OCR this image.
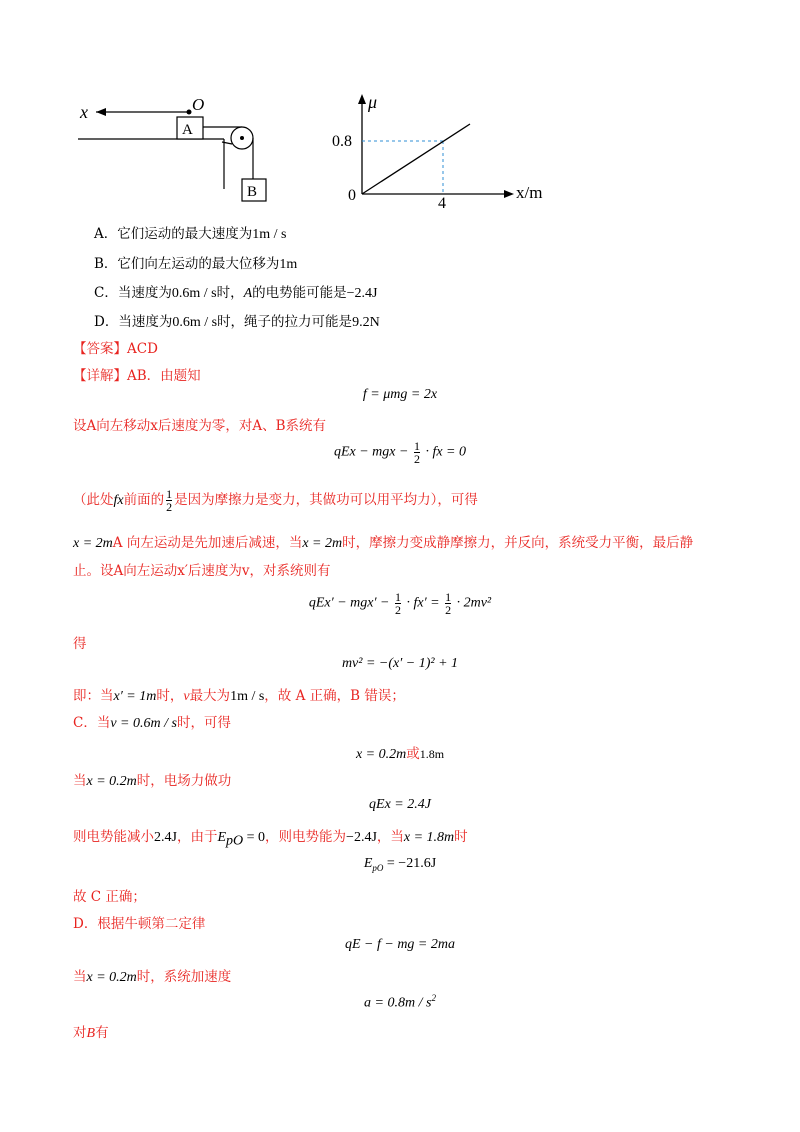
x	O
A
B
μ
x/m
0
0.8
4
A．它们运动的最大速度为1m / s
B．它们向左运动的最大位移为1m
C．当速度为0.6m / s时，A的电势能可能是−2.4J
D．当速度为0.6m / s时，绳子的拉力可能是9.2N
【答案】ACD
【详解】AB．由题知
f = μmg = 2x
设A向左移动x后速度为零，对A、B系统有
qEx − mgx − $\frac{1}{2}$ · fx = 0
（此处fx前面的 $\frac{1}{2}$ 是因为摩擦力是变力，其做功可以用平均力），可得
x = 2mA 向左运动是先加速后减速，当x = 2m时，摩擦力变成静摩擦力，并反向，系统受力平衡，最后静
止。设A向左运动x′后速度为v，对系统则有
$qEx' - mgx' - \frac{1}{2} \cdot fx' = \frac{1}{2} \cdot 2mv^2$
得
mv² = −(x′ − 1)² + 1
即：当x′ = 1m时，v最大为1m / s，故 A 正确，B 错误；
C．当v = 0.6m / s时，可得
x = 0.2m或1.8m
当x = 0.2m时，电场力做功
qEx = 2.4J
则电势能减小2.4J，由于$E_{pO} = 0$，则电势能为−2.4J，当x = 1.8m时
$E_{pO} = -21.6J$
故 C 正确；
D．根据牛顿第二定律
qE − f − mg = 2ma
当x = 0.2m时，系统加速度
$a = 0.8m / s^2$
对B有
